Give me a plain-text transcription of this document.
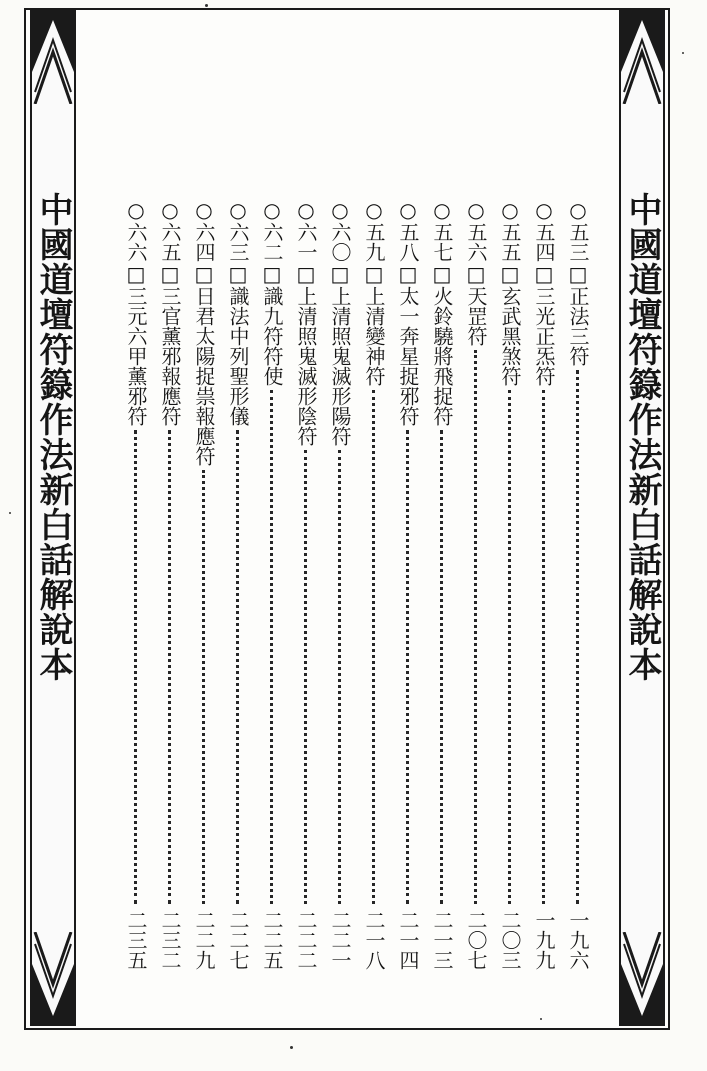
中國道壇符籙作法新白話解說本	中國道壇符籙作法新白話解說本
○五三□正法三符
一九六
○五四□三光正炁符
一九九
○五五□玄武黑煞符
二〇三
○五六□天罡符
二〇七
○五七□火鈴驍將飛捉符
二一三
○五八□太一奔星捉邪符
二一四
○五九□上清變神符
二一八
○六〇□上清照鬼滅形陽符
二二一
○六一□上清照鬼滅形陰符
二二二
○六二□識九符符使
二二五
○六三□識法中列聖形儀
二二七
○六四□日君太陽捉祟報應符
二二九
○六五□三官薰邪報應符
二三二
○六六□三元六甲薰邪符
二三五
